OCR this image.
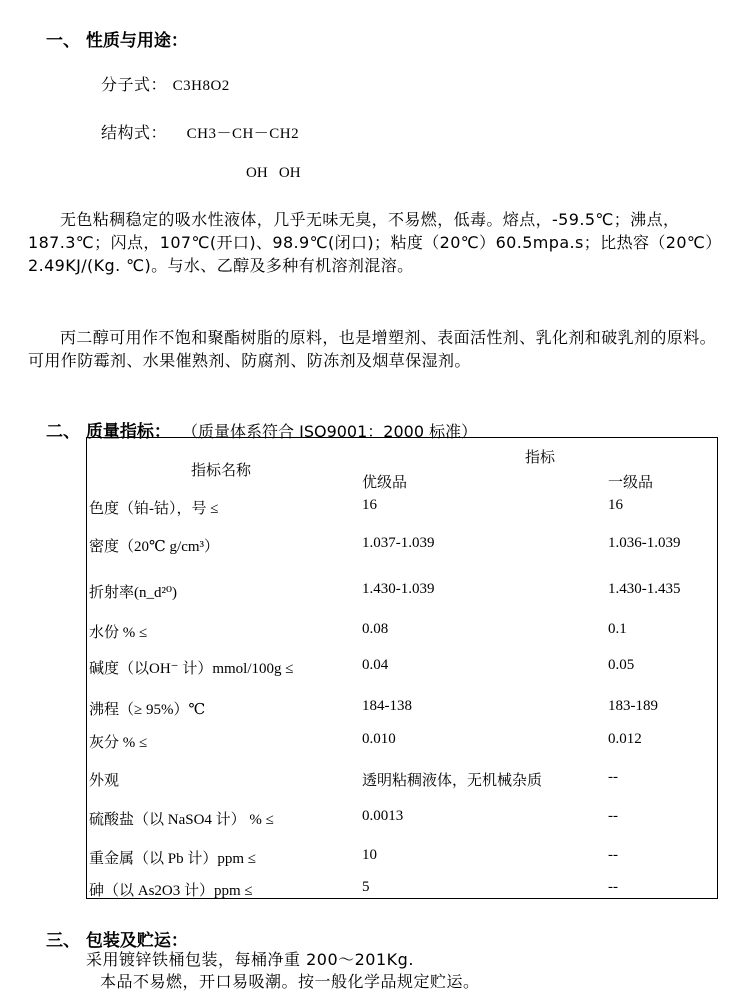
一、 性质与用途：
分子式： C3H8O2
结构式： CH3－CH－CH2
OH   OH
无色粘稠稳定的吸水性液体，几乎无味无臭，不易燃，低毒。熔点，-59.5℃；沸点，187.3℃；闪点，107℃(开口)、98.9℃(闭口)；粘度（20℃）60.5mpa.s；比热容（20℃）2.49KJ/(Kg. ℃)。与水、乙醇及多种有机溶剂混溶。
丙二醇可用作不饱和聚酯树脂的原料，也是增塑剂、表面活性剂、乳化剂和破乳剂的原料。可用作防霉剂、水果催熟剂、防腐剂、防冻剂及烟草保湿剂。
二、 质量指标： （质量体系符合 ISO9001：2000 标准）
指标名称
指标
优级品	一级品
色度（铂-钴），号 ≤	16	16
密度（20℃ g/cm³）	1.037-1.039	1.036-1.039
折射率(n_d²⁰)	1.430-1.039	1.430-1.435
水份 % ≤	0.08	0.1
碱度（以OH⁻ 计）mmol/100g ≤	0.04	0.05
沸程（≥ 95%）℃	184-138	183-189
灰分 % ≤	0.010	0.012
外观	透明粘稠液体，无机械杂质	--
硫酸盐（以 NaSO4 计） % ≤	0.0013	--
重金属（以 Pb 计）ppm ≤	10	--
砷（以 As2O3 计）ppm ≤	5	--
三、 包装及贮运：
采用镀锌铁桶包装，每桶净重 200～201Kg.
本品不易燃，开口易吸潮。按一般化学品规定贮运。
